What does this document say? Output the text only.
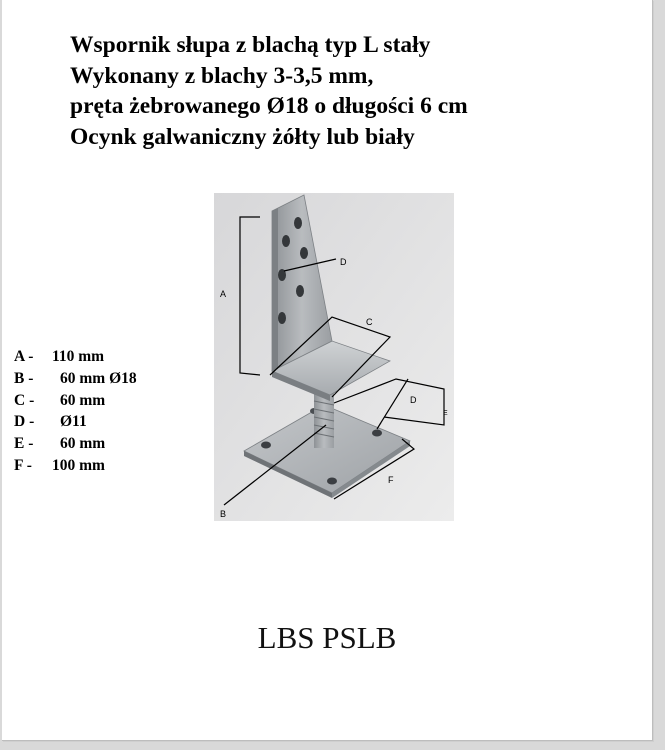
Wspornik słupa z blachą typ L stały
Wykonany z blachy 3-3,5 mm,
pręta żebrowanego Ø18 o długości 6 cm
Ocynk galwaniczny żółty lub biały
A
D
C
D
E
F
B
A - 110 mm
B - 60 mm Ø18
C - 60 mm
D - Ø11
E - 60 mm
F - 100 mm
LBS PSLB
